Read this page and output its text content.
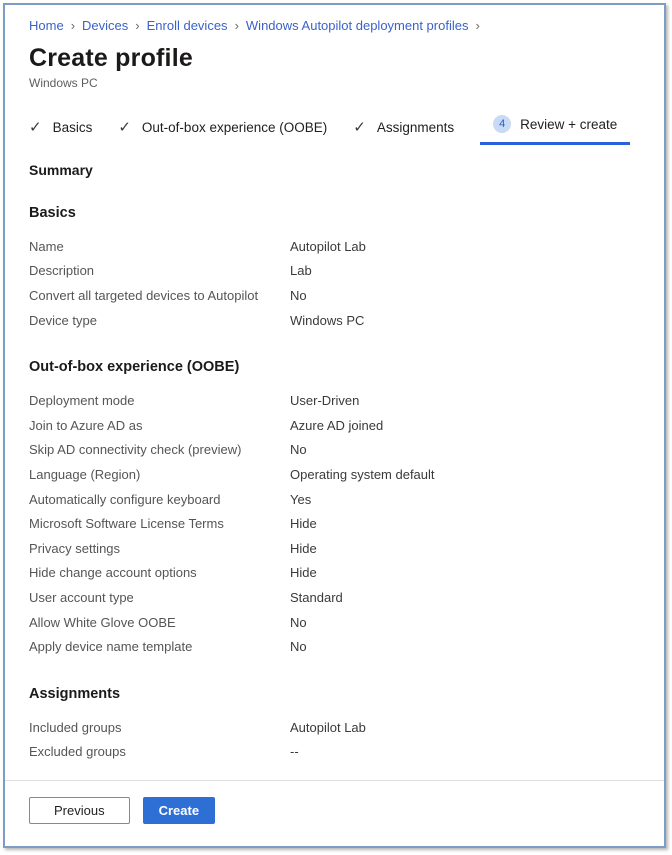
Home › Devices › Enroll devices › Windows Autopilot deployment profiles ›
Create profile
Windows PC
✓ Basics ✓ Out-of-box experience (OOBE) ✓ Assignments	4	Review + create
Summary
Basics
Name	Autopilot Lab
Description	Lab
Convert all targeted devices to Autopilot	No
Device type	Windows PC
Out-of-box experience (OOBE)
Deployment mode	User-Driven
Join to Azure AD as	Azure AD joined
Skip AD connectivity check (preview)	No
Language (Region)	Operating system default
Automatically configure keyboard	Yes
Microsoft Software License Terms	Hide
Privacy settings	Hide
Hide change account options	Hide
User account type	Standard
Allow White Glove OOBE	No
Apply device name template	No
Assignments
Included groups	Autopilot Lab
Excluded groups	--
Previous	Create
